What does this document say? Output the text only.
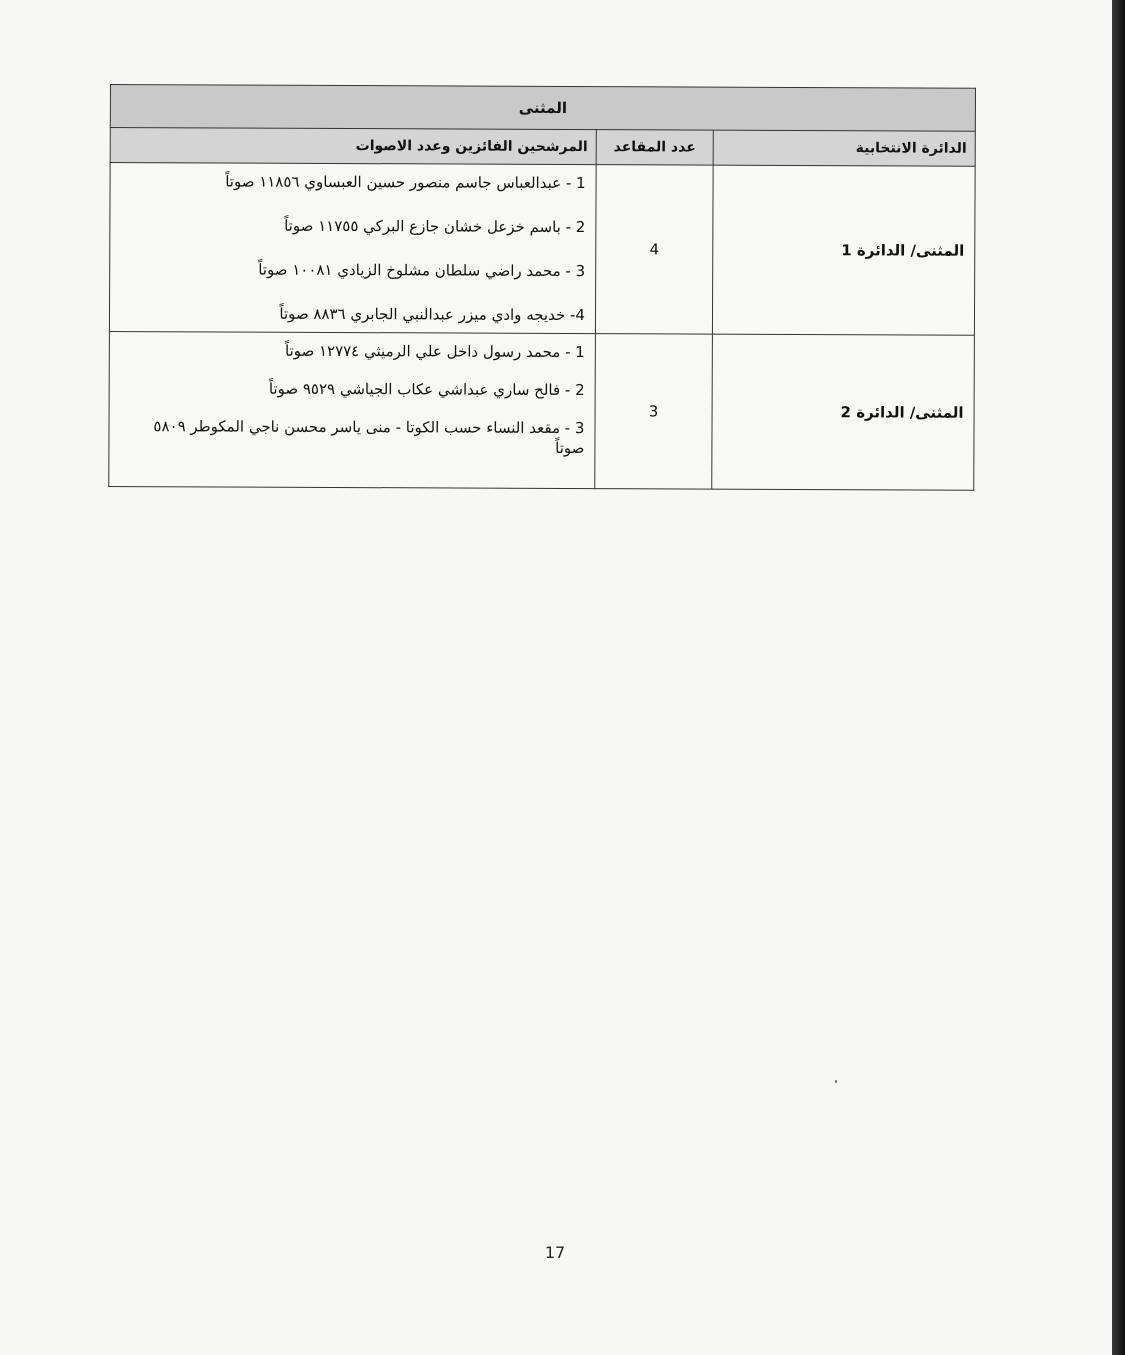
المثنى		
الدائرة الانتخابية	عدد المقاعد	المرشحين الفائزين وعدد الاصوات
المثنى/ الدائرة 1	4	1 - عبدالعباس جاسم منصور حسين العبساوي ١١٨٥٦ صوتاً
2 - باسم خزعل خشان جازع البركي ١١٧٥٥ صوتاً
3 - محمد راضي سلطان مشلوخ الزيادي ١٠٠٨١ صوتاً
4- خديجه وادي ميزر عبدالنبي الجابري ٨٨٣٦ صوتاً

المثنى/ الدائرة 2	3	1 - محمد رسول داخل علي الرميثي ١٢٧٧٤ صوتاً
2 - فالح ساري عبداشي عكاب الجياشي ٩٥٢٩ صوتاً
3 - مقعد النساء حسب الكوتا - منى ياسر محسن ناجي المكوطر ٥٨٠٩ صوتاً
17
